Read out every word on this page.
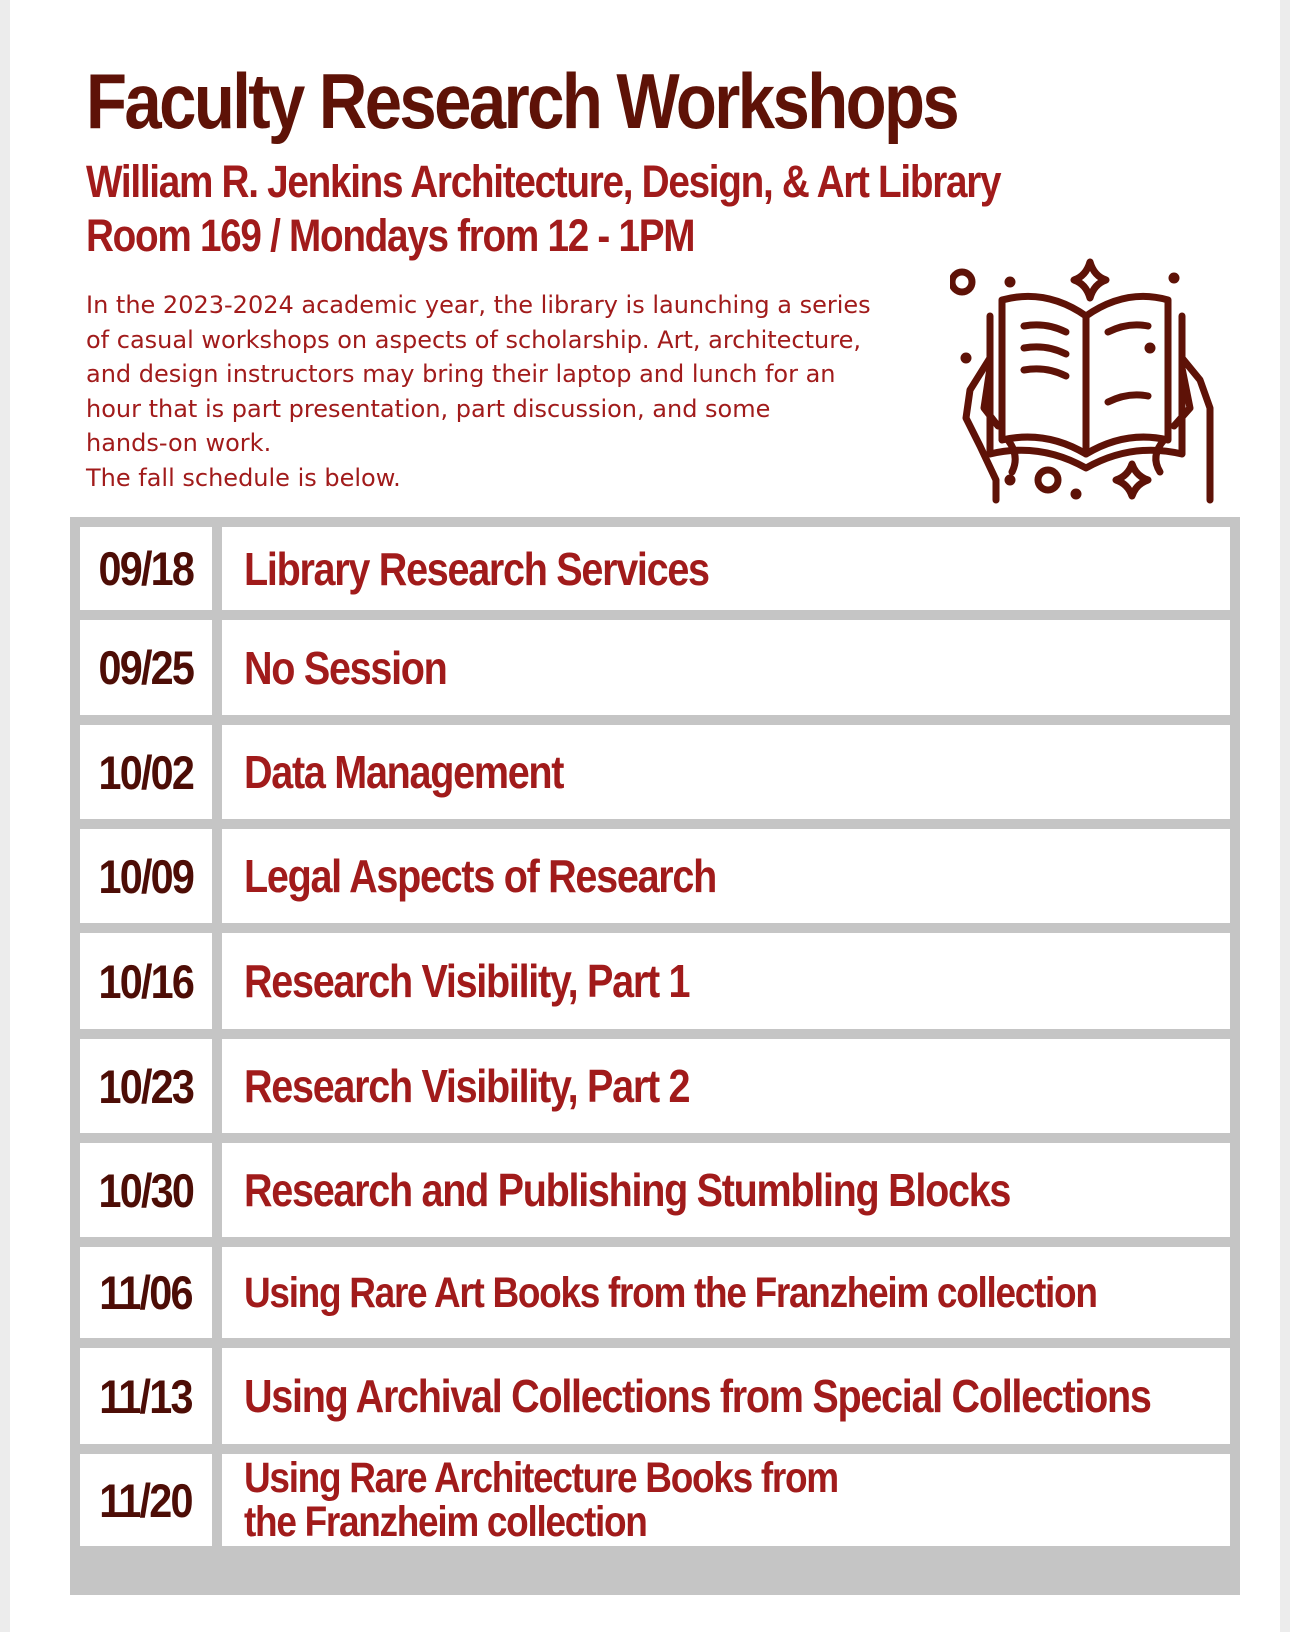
Faculty Research Workshops
William R. Jenkins Architecture, Design, & Art Library
Room 169 / Mondays from 12 - 1PM

In the 2023-2024 academic year, the library is launching a series
of casual workshops on aspects of scholarship. Art, architecture,
and design instructors may bring their laptop and lunch for an
hour that is part presentation, part discussion, and some
hands-on work.
The fall schedule is below.

09/18 Library Research Services
09/25 No Session
10/02 Data Management
10/09 Legal Aspects of Research
10/16 Research Visibility, Part 1
10/23 Research Visibility, Part 2
10/30 Research and Publishing Stumbling Blocks
11/06 Using Rare Art Books from the Franzheim collection
11/13 Using Archival Collections from Special Collections
11/20 Using Rare Architecture Books from
the Franzheim collection
